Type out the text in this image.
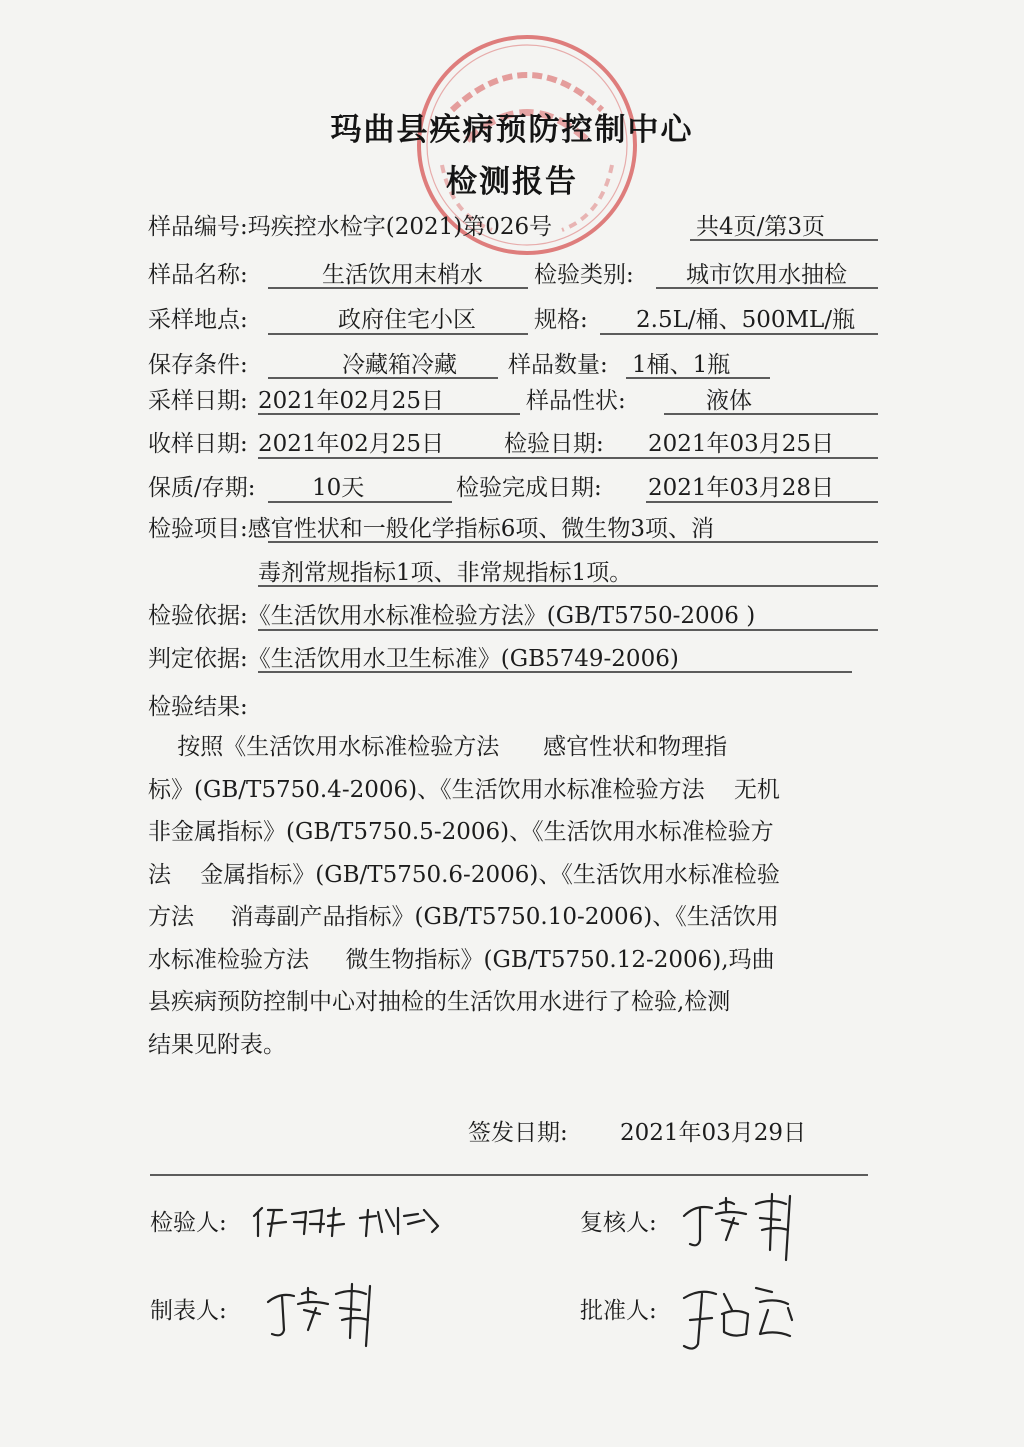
玛曲县疾病预防控制中心
检测报告
样品编号:玛疾控水检字(2021)第026号	共4页/第3页
样品名称:	生活饮用末梢水 检验类别: 城市饮用水抽检
采样地点:	政府住宅小区	规格: 2.5L/桶、500ML/瓶
保存条件:	冷藏箱冷藏 样品数量: 1桶、1瓶
采样日期: 2021年02月25日	样品性状:	液体
收样日期: 2021年02月25日	检验日期: 2021年03月25日
保质/存期: 10天	检验完成日期: 2021年03月28日
检验项目:感官性状和一般化学指标6项、微生物3项、消
毒剂常规指标1项、非常规指标1项。
检验依据:《生活饮用水标准检验方法》(GB/T5750-2006 )
判定依据:《生活饮用水卫生标准》(GB5749-2006)
检验结果:
按照《生活饮用水标准检验方法      感官性状和物理指
标》(GB/T5750.4-2006)、《生活饮用水标准检验方法    无机
非金属指标》(GB/T5750.5-2006)、《生活饮用水标准检验方
法    金属指标》(GB/T5750.6-2006)、《生活饮用水标准检验
方法     消毒副产品指标》(GB/T5750.10-2006)、《生活饮用
水标准检验方法     微生物指标》(GB/T5750.12-2006),玛曲
县疾病预防控制中心对抽检的生活饮用水进行了检验,检测
结果见附表。
签发日期: 2021年03月29日
检验人:	复核人:
制表人:	批准人:
